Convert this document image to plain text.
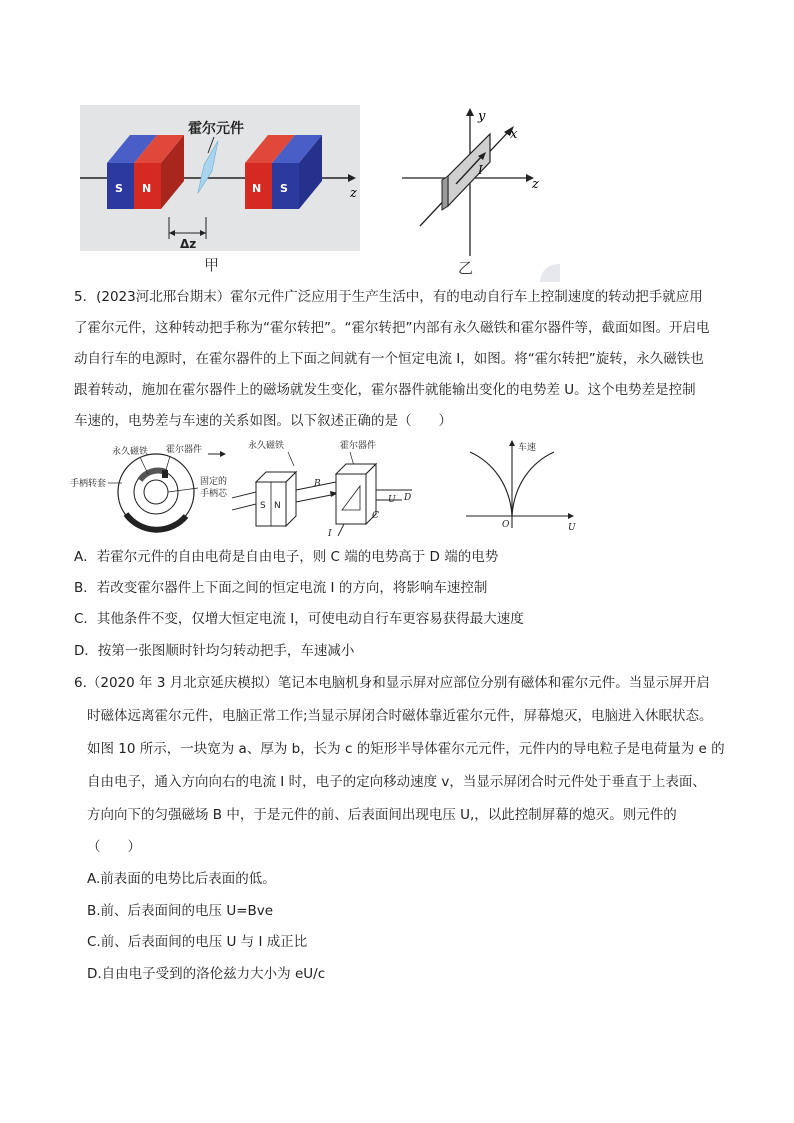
z
S N
霍尔元件
N S
Δz
甲
y
z
x
I
乙
5．(2023河北邢台期末）霍尔元件广泛应用于生产生活中，有的电动自行车上控制速度的转动把手就应用
了霍尔元件，这种转动把手称为“霍尔转把”。“霍尔转把”内部有永久磁铁和霍尔器件等，截面如图。开启电
动自行车的电源时，在霍尔器件的上下面之间就有一个恒定电流 I，如图。将“霍尔转把”旋转，永久磁铁也
跟着转动，施加在霍尔器件上的磁场就发生变化，霍尔器件就能输出变化的电势差 U。这个电势差是控制
车速的，电势差与车速的关系如图。以下叙述正确的是（　　）
永久磁铁 霍尔器件
手柄转套	固定的
手柄芯
永久磁铁	霍尔器件
S N
B
I
U D
C
车速
O	U
A．若霍尔元件的自由电荷是自由电子，则 C 端的电势高于 D 端的电势
B．若改变霍尔器件上下面之间的恒定电流 I 的方向，将影响车速控制
C．其他条件不变，仅增大恒定电流 I，可使电动自行车更容易获得最大速度
D．按第一张图顺时针均匀转动把手，车速减小
6.（2020 年 3 月北京延庆模拟）笔记本电脑机身和显示屏对应部位分别有磁体和霍尔元件。当显示屏开启
时磁体远离霍尔元件，电脑正常工作;当显示屏闭合时磁体靠近霍尔元件，屏幕熄灭，电脑进入休眠状态。
如图 10 所示，一块宽为 a、厚为 b，长为 c 的矩形半导体霍尔元元件，元件内的导电粒子是电荷量为 e 的
自由电子，通入方向向右的电流 I 时，电子的定向移动速度 v，当显示屏闭合时元件处于垂直于上表面、
方向向下的匀强磁场 B 中，于是元件的前、后表面间出现电压 U,，以此控制屏幕的熄灭。则元件的
（　　）
A.前表面的电势比后表面的低。
B.前、后表面间的电压 U=Bve
C.前、后表面间的电压 U 与 I 成正比
D.自由电子受到的洛伦兹力大小为 eU/c
